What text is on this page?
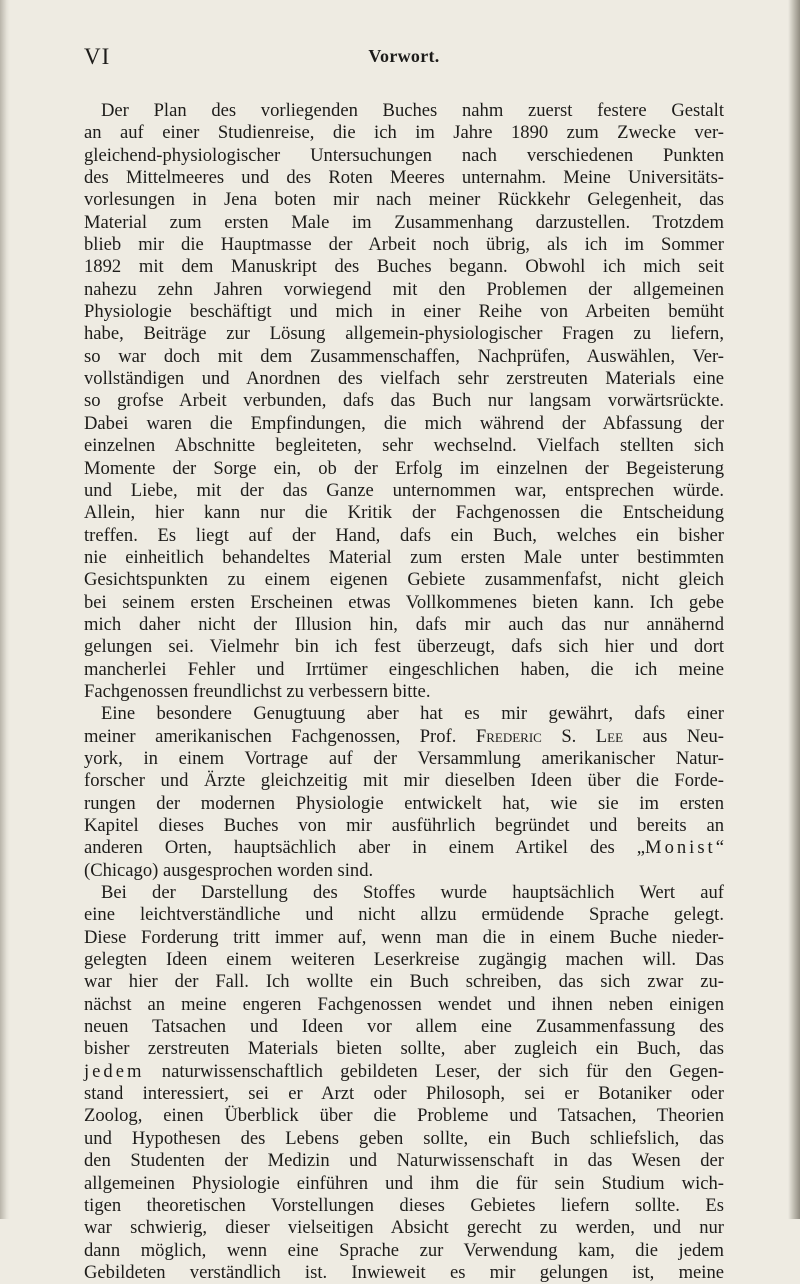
VI	Vorwort.
Der Plan des vorliegenden Buches nahm zuerst festere Gestalt
an auf einer Studienreise, die ich im Jahre 1890 zum Zwecke ver-
gleichend-physiologischer Untersuchungen nach verschiedenen Punkten
des Mittelmeeres und des Roten Meeres unternahm. Meine Universitäts-
vorlesungen in Jena boten mir nach meiner Rückkehr Gelegenheit, das
Material zum ersten Male im Zusammenhang darzustellen. Trotzdem
blieb mir die Hauptmasse der Arbeit noch übrig, als ich im Sommer
1892 mit dem Manuskript des Buches begann. Obwohl ich mich seit
nahezu zehn Jahren vorwiegend mit den Problemen der allgemeinen
Physiologie beschäftigt und mich in einer Reihe von Arbeiten bemüht
habe, Beiträge zur Lösung allgemein-physiologischer Fragen zu liefern,
so war doch mit dem Zusammenschaffen, Nachprüfen, Auswählen, Ver-
vollständigen und Anordnen des vielfach sehr zerstreuten Materials eine
so grofse Arbeit verbunden, dafs das Buch nur langsam vorwärtsrückte.
Dabei waren die Empfindungen, die mich während der Abfassung der
einzelnen Abschnitte begleiteten, sehr wechselnd. Vielfach stellten sich
Momente der Sorge ein, ob der Erfolg im einzelnen der Begeisterung
und Liebe, mit der das Ganze unternommen war, entsprechen würde.
Allein, hier kann nur die Kritik der Fachgenossen die Entscheidung
treffen. Es liegt auf der Hand, dafs ein Buch, welches ein bisher
nie einheitlich behandeltes Material zum ersten Male unter bestimmten
Gesichtspunkten zu einem eigenen Gebiete zusammenfafst, nicht gleich
bei seinem ersten Erscheinen etwas Vollkommenes bieten kann. Ich gebe
mich daher nicht der Illusion hin, dafs mir auch das nur annähernd
gelungen sei. Vielmehr bin ich fest überzeugt, dafs sich hier und dort
mancherlei Fehler und Irrtümer eingeschlichen haben, die ich meine
Fachgenossen freundlichst zu verbessern bitte.
Eine besondere Genugtuung aber hat es mir gewährt, dafs einer
meiner amerikanischen Fachgenossen, Prof. Frederic S. Lee aus Neu-
york, in einem Vortrage auf der Versammlung amerikanischer Natur-
forscher und Ärzte gleichzeitig mit mir dieselben Ideen über die Forde-
rungen der modernen Physiologie entwickelt hat, wie sie im ersten
Kapitel dieses Buches von mir ausführlich begründet und bereits an
anderen Orten, hauptsächlich aber in einem Artikel des „Monist“
(Chicago) ausgesprochen worden sind.
Bei der Darstellung des Stoffes wurde hauptsächlich Wert auf
eine leichtverständliche und nicht allzu ermüdende Sprache gelegt.
Diese Forderung tritt immer auf, wenn man die in einem Buche nieder-
gelegten Ideen einem weiteren Leserkreise zugängig machen will. Das
war hier der Fall. Ich wollte ein Buch schreiben, das sich zwar zu-
nächst an meine engeren Fachgenossen wendet und ihnen neben einigen
neuen Tatsachen und Ideen vor allem eine Zusammenfassung des
bisher zerstreuten Materials bieten sollte, aber zugleich ein Buch, das
jedem naturwissenschaftlich gebildeten Leser, der sich für den Gegen-
stand interessiert, sei er Arzt oder Philosoph, sei er Botaniker oder
Zoolog, einen Überblick über die Probleme und Tatsachen, Theorien
und Hypothesen des Lebens geben sollte, ein Buch schliefslich, das
den Studenten der Medizin und Naturwissenschaft in das Wesen der
allgemeinen Physiologie einführen und ihm die für sein Studium wich-
tigen theoretischen Vorstellungen dieses Gebietes liefern sollte. Es
war schwierig, dieser vielseitigen Absicht gerecht zu werden, und nur
dann möglich, wenn eine Sprache zur Verwendung kam, die jedem
Gebildeten verständlich ist. Inwieweit es mir gelungen ist, meine
